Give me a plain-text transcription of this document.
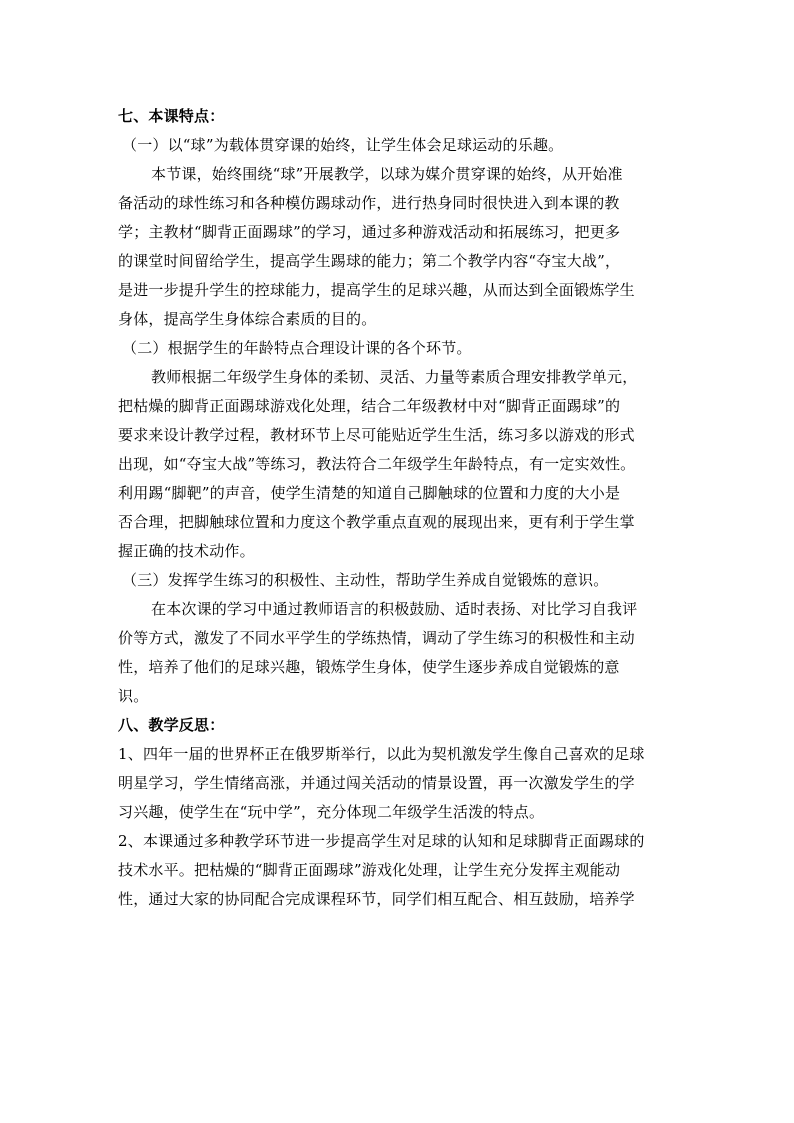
七、本课特点：
（一）以“球”为载体贯穿课的始终，让学生体会足球运动的乐趣。
本节课，始终围绕“球”开展教学，以球为媒介贯穿课的始终，从开始准
备活动的球性练习和各种模仿踢球动作，进行热身同时很快进入到本课的教
学；主教材“脚背正面踢球”的学习，通过多种游戏活动和拓展练习，把更多
的课堂时间留给学生，提高学生踢球的能力；第二个教学内容“夺宝大战”，
是进一步提升学生的控球能力，提高学生的足球兴趣，从而达到全面锻炼学生
身体，提高学生身体综合素质的目的。
（二）根据学生的年龄特点合理设计课的各个环节。
教师根据二年级学生身体的柔韧、灵活、力量等素质合理安排教学单元，
把枯燥的脚背正面踢球游戏化处理，结合二年级教材中对“脚背正面踢球”的
要求来设计教学过程，教材环节上尽可能贴近学生生活，练习多以游戏的形式
出现，如“夺宝大战”等练习，教法符合二年级学生年龄特点，有一定实效性。
利用踢“脚靶”的声音，使学生清楚的知道自己脚触球的位置和力度的大小是
否合理，把脚触球位置和力度这个教学重点直观的展现出来，更有利于学生掌
握正确的技术动作。
（三）发挥学生练习的积极性、主动性，帮助学生养成自觉锻炼的意识。
在本次课的学习中通过教师语言的积极鼓励、适时表扬、对比学习自我评
价等方式，激发了不同水平学生的学练热情，调动了学生练习的积极性和主动
性，培养了他们的足球兴趣，锻炼学生身体，使学生逐步养成自觉锻炼的意
识。
八、教学反思：
1、四年一届的世界杯正在俄罗斯举行，以此为契机激发学生像自己喜欢的足球
明星学习，学生情绪高涨，并通过闯关活动的情景设置，再一次激发学生的学
习兴趣，使学生在“玩中学”，充分体现二年级学生活泼的特点。
2、本课通过多种教学环节进一步提高学生对足球的认知和足球脚背正面踢球的
技术水平。把枯燥的“脚背正面踢球”游戏化处理，让学生充分发挥主观能动
性，通过大家的协同配合完成课程环节，同学们相互配合、相互鼓励，培养学
